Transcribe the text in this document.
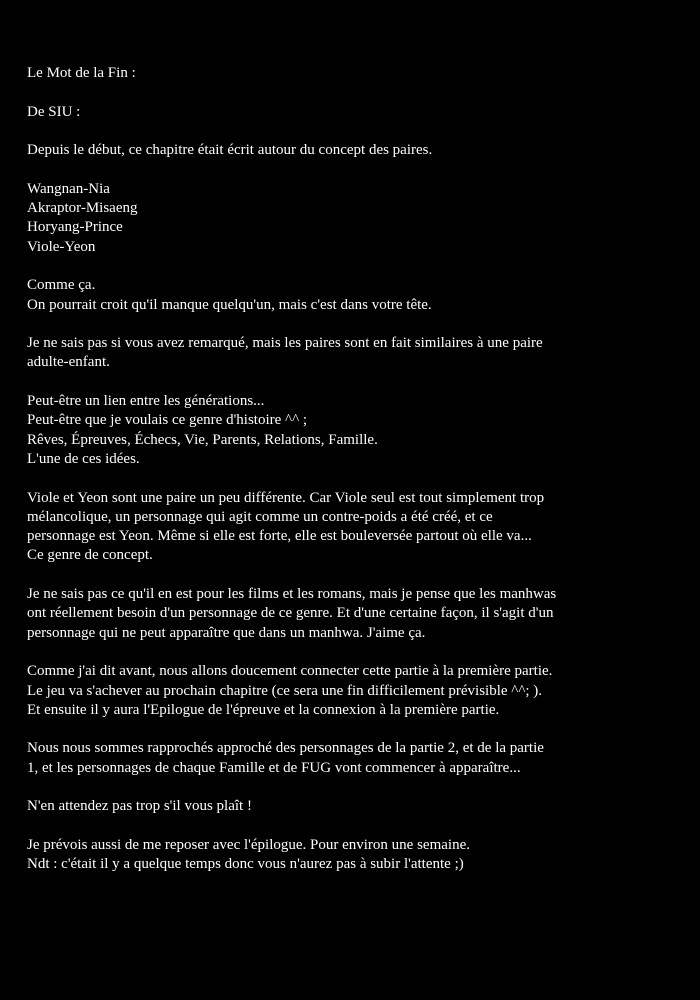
Le Mot de la Fin :

De SIU :

Depuis le début, ce chapitre était écrit autour du concept des paires.

Wangnan-Nia
Akraptor-Misaeng
Horyang-Prince
Viole-Yeon

Comme ça.
On pourrait croit qu'il manque quelqu'un, mais c'est dans votre tête.

Je ne sais pas si vous avez remarqué, mais les paires sont en fait similaires à une paire
adulte-enfant.

Peut-être un lien entre les générations...
Peut-être que je voulais ce genre d'histoire ^^ ;
Rêves, Épreuves, Échecs, Vie, Parents, Relations, Famille.
L'une de ces idées.

Viole et Yeon sont une paire un peu différente. Car Viole seul est tout simplement trop
mélancolique, un personnage qui agit comme un contre-poids a été créé, et ce
personnage est Yeon. Même si elle est forte, elle est bouleversée partout où elle va...
Ce genre de concept.

Je ne sais pas ce qu'il en est pour les films et les romans, mais je pense que les manhwas
ont réellement besoin d'un personnage de ce genre. Et d'une certaine façon, il s'agit d'un
personnage qui ne peut apparaître que dans un manhwa. J'aime ça.

Comme j'ai dit avant, nous allons doucement connecter cette partie à la première partie.
Le jeu va s'achever au prochain chapitre (ce sera une fin difficilement prévisible ^^; ).
Et ensuite il y aura l'Epilogue de l'épreuve et la connexion à la première partie.

Nous nous sommes rapprochés approché des personnages de la partie 2, et de la partie
1, et les personnages de chaque Famille et de FUG vont commencer à apparaître...

N'en attendez pas trop s'il vous plaît !

Je prévois aussi de me reposer avec l'épilogue. Pour environ une semaine.
Ndt : c'était il y a quelque temps donc vous n'aurez pas à subir l'attente ;)
